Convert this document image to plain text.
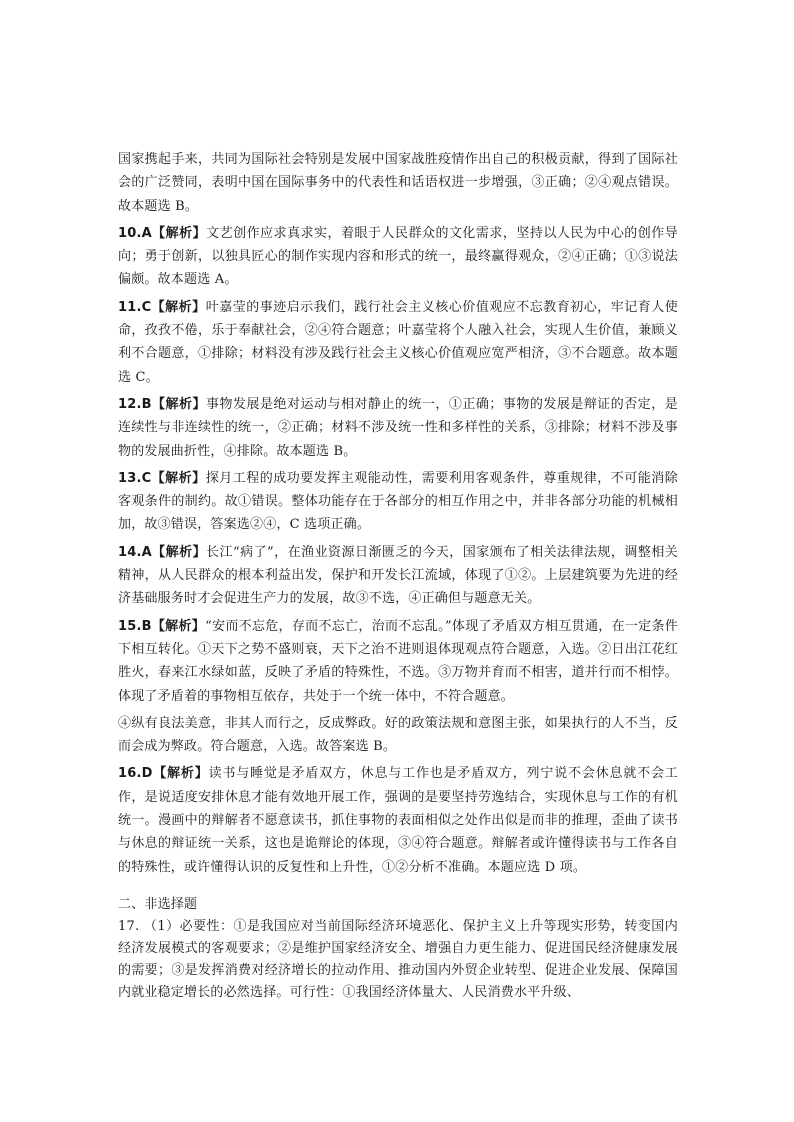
国家携起手来，共同为国际社会特别是发展中国家战胜疫情作出自己的积极贡献，得到了国际社会的广泛赞同，表明中国在国际事务中的代表性和话语权进一步增强，③正确；②④观点错误。故本题选 B。

10.A【解析】文艺创作应求真求实，着眼于人民群众的文化需求，坚持以人民为中心的创作导向；勇于创新，以独具匠心的制作实现内容和形式的统一，最终赢得观众，②④正确；①③说法偏颇。故本题选 A。

11.C【解析】叶嘉莹的事迹启示我们，践行社会主义核心价值观应不忘教育初心，牢记育人使命，孜孜不倦，乐于奉献社会，②④符合题意；叶嘉莹将个人融入社会，实现人生价值，兼顾义利不合题意，①排除；材料没有涉及践行社会主义核心价值观应宽严相济，③不合题意。故本题选 C。

12.B【解析】事物发展是绝对运动与相对静止的统一，①正确；事物的发展是辩证的否定，是连续性与非连续性的统一，②正确；材料不涉及统一性和多样性的关系，③排除；材料不涉及事物的发展曲折性，④排除。故本题选 B。

13.C【解析】探月工程的成功要发挥主观能动性，需要利用客观条件，尊重规律，不可能消除客观条件的制约。故①错误。整体功能存在于各部分的相互作用之中，并非各部分功能的机械相加，故③错误，答案选②④，C 选项正确。

14.A【解析】长江“病了”，在渔业资源日渐匮乏的今天，国家颁布了相关法律法规，调整相关精神，从人民群众的根本利益出发，保护和开发长江流域，体现了①②。上层建筑要为先进的经济基础服务时才会促进生产力的发展，故③不选，④正确但与题意无关。

15.B【解析】“安而不忘危，存而不忘亡，治而不忘乱。”体现了矛盾双方相互贯通，在一定条件下相互转化。①天下之势不盛则衰，天下之治不进则退体现观点符合题意，入选。②日出江花红胜火，春来江水绿如蓝，反映了矛盾的特殊性，不选。③万物并育而不相害，道并行而不相悖。体现了矛盾着的事物相互依存，共处于一个统一体中，不符合题意。

④纵有良法美意，非其人而行之，反成弊政。好的政策法规和意图主张，如果执行的人不当，反而会成为弊政。符合题意，入选。故答案选 B。

16.D【解析】读书与睡觉是矛盾双方，休息与工作也是矛盾双方，列宁说不会休息就不会工作，是说适度安排休息才能有效地开展工作，强调的是要坚持劳逸结合，实现休息与工作的有机统一。漫画中的辩解者不愿意读书，抓住事物的表面相似之处作出似是而非的推理，歪曲了读书与休息的辩证统一关系，这也是诡辩论的体现，③④符合题意。辩解者或许懂得读书与工作各自的特殊性，或许懂得认识的反复性和上升性，①②分析不准确。本题应选 D 项。

二、非选择题

17. （1）必要性：①是我国应对当前国际经济环境恶化、保护主义上升等现实形势，转变国内经济发展模式的客观要求；②是维护国家经济安全、增强自力更生能力、促进国民经济健康发展的需要；③是发挥消费对经济增长的拉动作用、推动国内外贸企业转型、促进企业发展、保障国内就业稳定增长的必然选择。可行性：①我国经济体量大、人民消费水平升级、
